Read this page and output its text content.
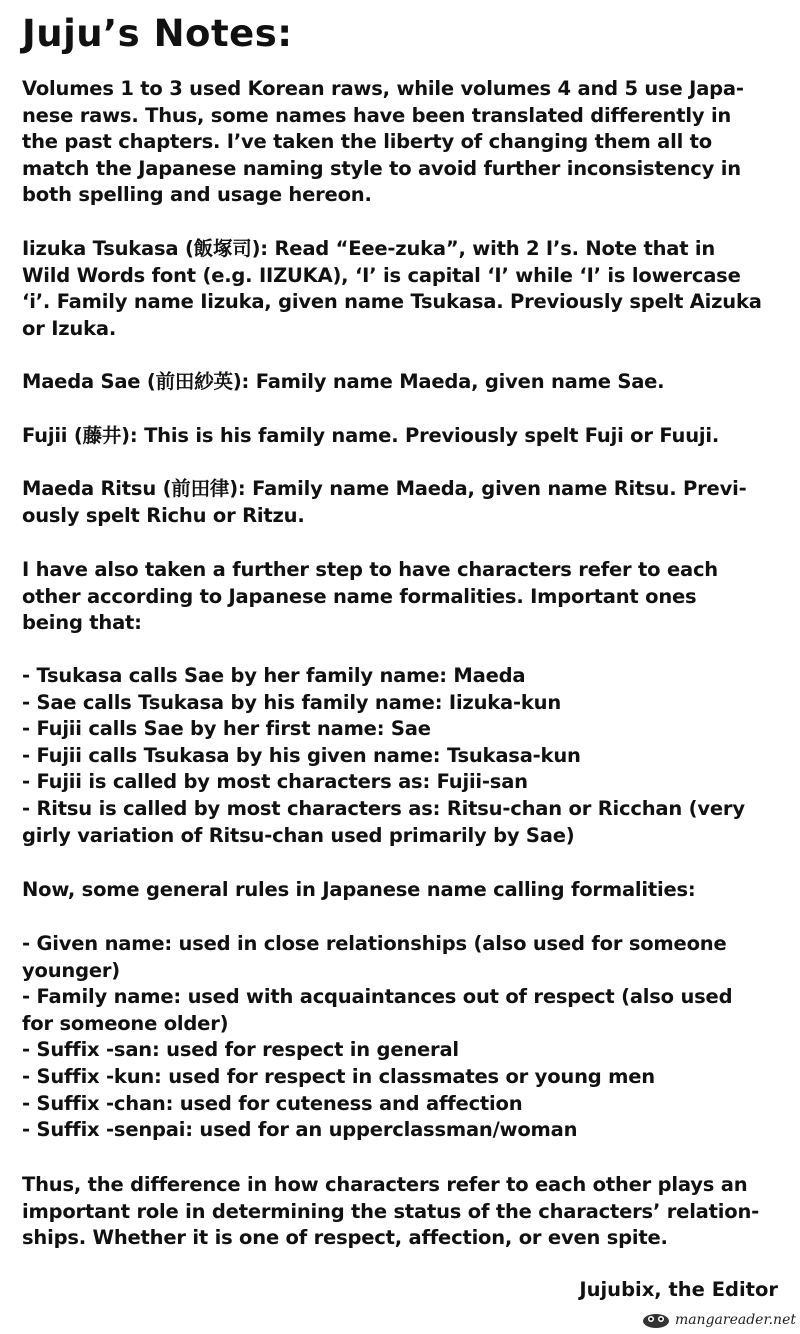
Juju’s Notes:
Volumes 1 to 3 used Korean raws, while volumes 4 and 5 use Japa-
nese raws. Thus, some names have been translated differently in
the past chapters. I’ve taken the liberty of changing them all to
match the Japanese naming style to avoid further inconsistency in
both spelling and usage hereon.
Iizuka Tsukasa (飯塚司): Read “Eee-zuka”, with 2 I’s. Note that in
Wild Words font (e.g. IIZUKA), ‘I’ is capital ‘I’ while ‘I’ is lowercase
‘i’. Family name Iizuka, given name Tsukasa. Previously spelt Aizuka
or Izuka.
Maeda Sae (前田紗英): Family name Maeda, given name Sae.
Fujii (藤井): This is his family name. Previously spelt Fuji or Fuuji.
Maeda Ritsu (前田律): Family name Maeda, given name Ritsu. Previ-
ously spelt Richu or Ritzu.
I have also taken a further step to have characters refer to each
other according to Japanese name formalities. Important ones
being that:
- Tsukasa calls Sae by her family name: Maeda
- Sae calls Tsukasa by his family name: Iizuka-kun
- Fujii calls Sae by her first name: Sae
- Fujii calls Tsukasa by his given name: Tsukasa-kun
- Fujii is called by most characters as: Fujii-san
- Ritsu is called by most characters as: Ritsu-chan or Ricchan (very
girly variation of Ritsu-chan used primarily by Sae)
Now, some general rules in Japanese name calling formalities:
- Given name: used in close relationships (also used for someone
younger)
- Family name: used with acquaintances out of respect (also used
for someone older)
- Suffix -san: used for respect in general
- Suffix -kun: used for respect in classmates or young men
- Suffix -chan: used for cuteness and affection
- Suffix -senpai: used for an upperclassman/woman
Thus, the difference in how characters refer to each other plays an
important role in determining the status of the characters’ relation-
ships. Whether it is one of respect, affection, or even spite.
Jujubix, the Editor
mangareader.net
